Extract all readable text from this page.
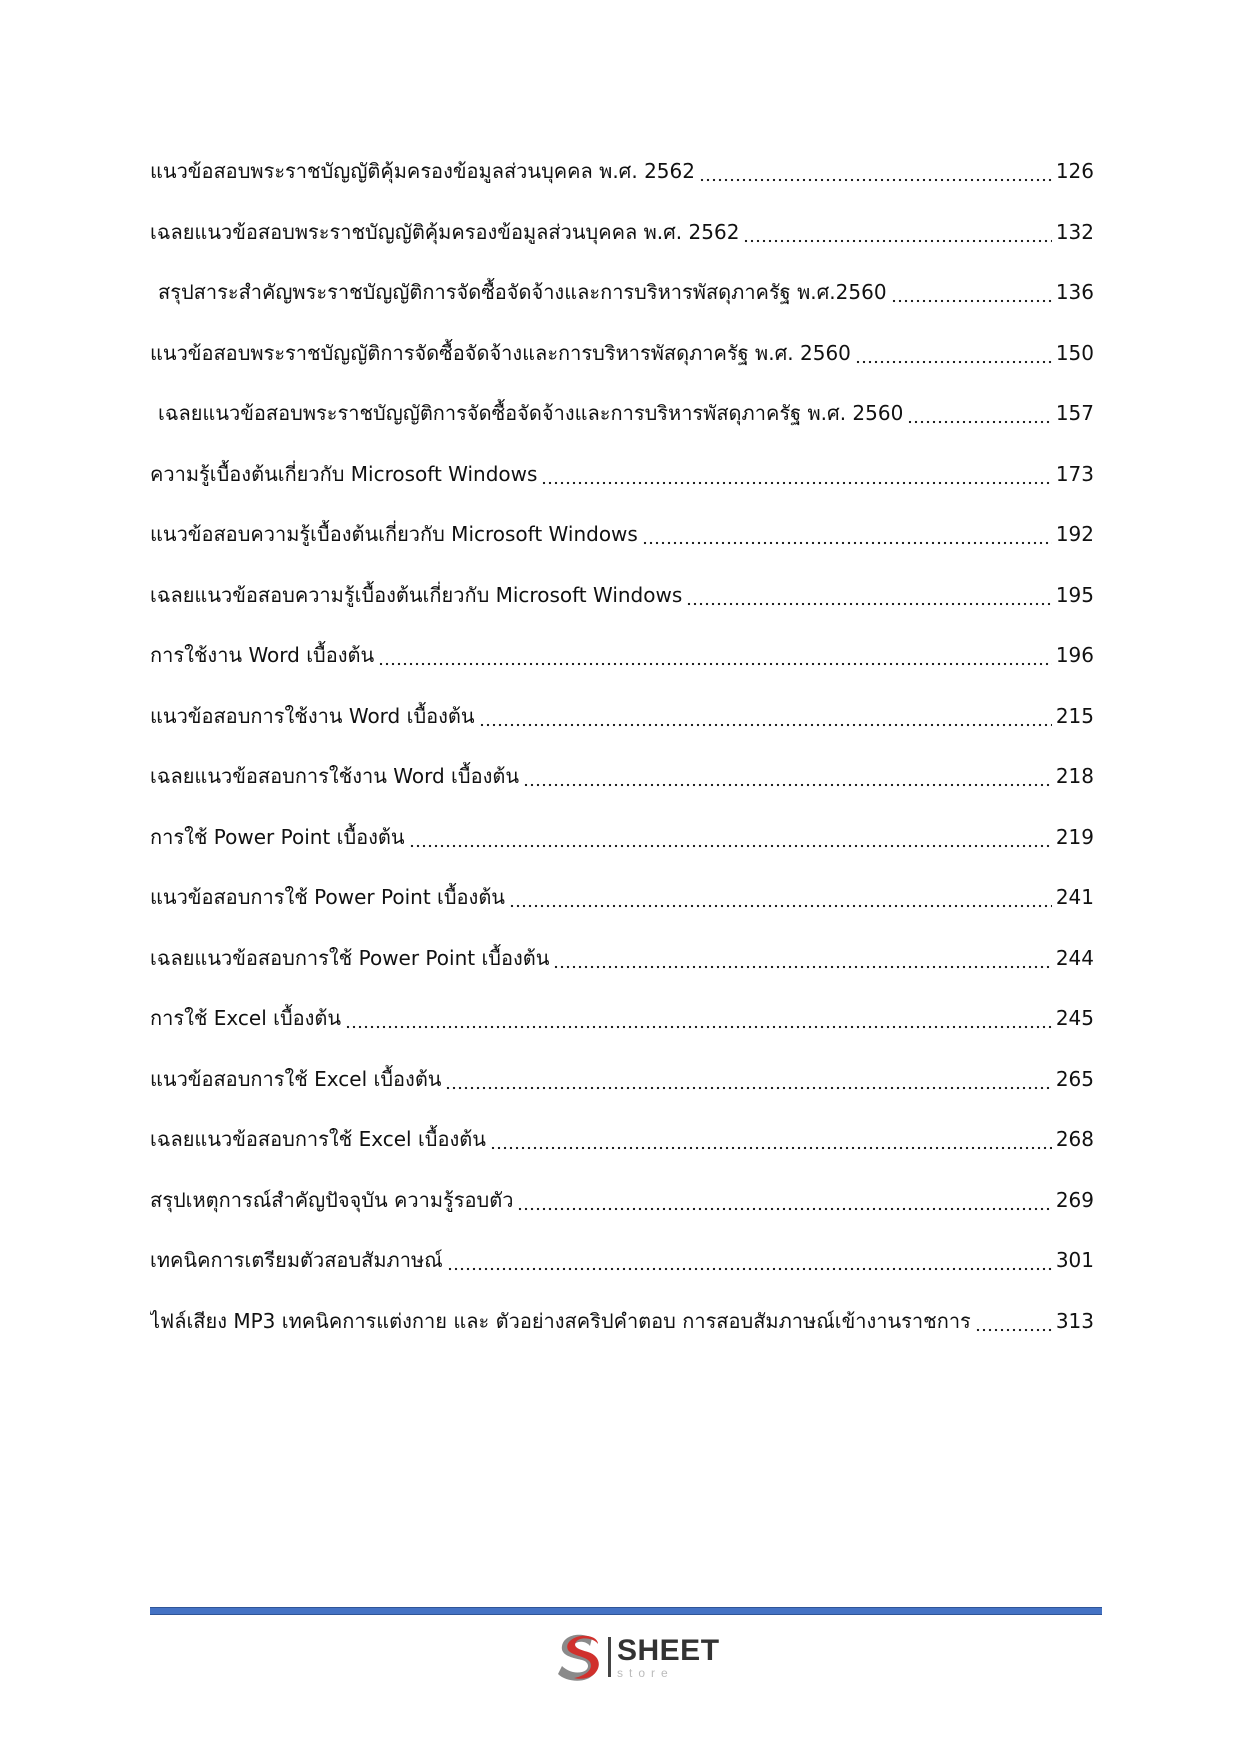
แนวข้อสอบพระราชบัญญัติคุ้มครองข้อมูลส่วนบุคคล พ.ศ. 2562	126
เฉลยแนวข้อสอบพระราชบัญญัติคุ้มครองข้อมูลส่วนบุคคล พ.ศ. 2562	132
สรุปสาระสำคัญพระราชบัญญัติการจัดซื้อจัดจ้างและการบริหารพัสดุภาครัฐ พ.ศ.2560	136
แนวข้อสอบพระราชบัญญัติการจัดซื้อจัดจ้างและการบริหารพัสดุภาครัฐ พ.ศ. 2560	150
เฉลยแนวข้อสอบพระราชบัญญัติการจัดซื้อจัดจ้างและการบริหารพัสดุภาครัฐ พ.ศ. 2560	157
ความรู้เบื้องต้นเกี่ยวกับ Microsoft Windows	173
แนวข้อสอบความรู้เบื้องต้นเกี่ยวกับ Microsoft Windows	192
เฉลยแนวข้อสอบความรู้เบื้องต้นเกี่ยวกับ Microsoft Windows	195
การใช้งาน Word เบื้องต้น	196
แนวข้อสอบการใช้งาน Word เบื้องต้น	215
เฉลยแนวข้อสอบการใช้งาน Word เบื้องต้น	218
การใช้ Power Point เบื้องต้น	219
แนวข้อสอบการใช้ Power Point เบื้องต้น	241
เฉลยแนวข้อสอบการใช้ Power Point เบื้องต้น	244
การใช้ Excel เบื้องต้น	245
แนวข้อสอบการใช้ Excel เบื้องต้น	265
เฉลยแนวข้อสอบการใช้ Excel เบื้องต้น	268
สรุปเหตุการณ์สำคัญปัจจุบัน ความรู้รอบตัว	269
เทคนิคการเตรียมตัวสอบสัมภาษณ์	301
ไฟล์เสียง MP3 เทคนิคการแต่งกาย และ ตัวอย่างสคริปคำตอบ การสอบสัมภาษณ์เข้างานราชการ	313
SHEET
store
